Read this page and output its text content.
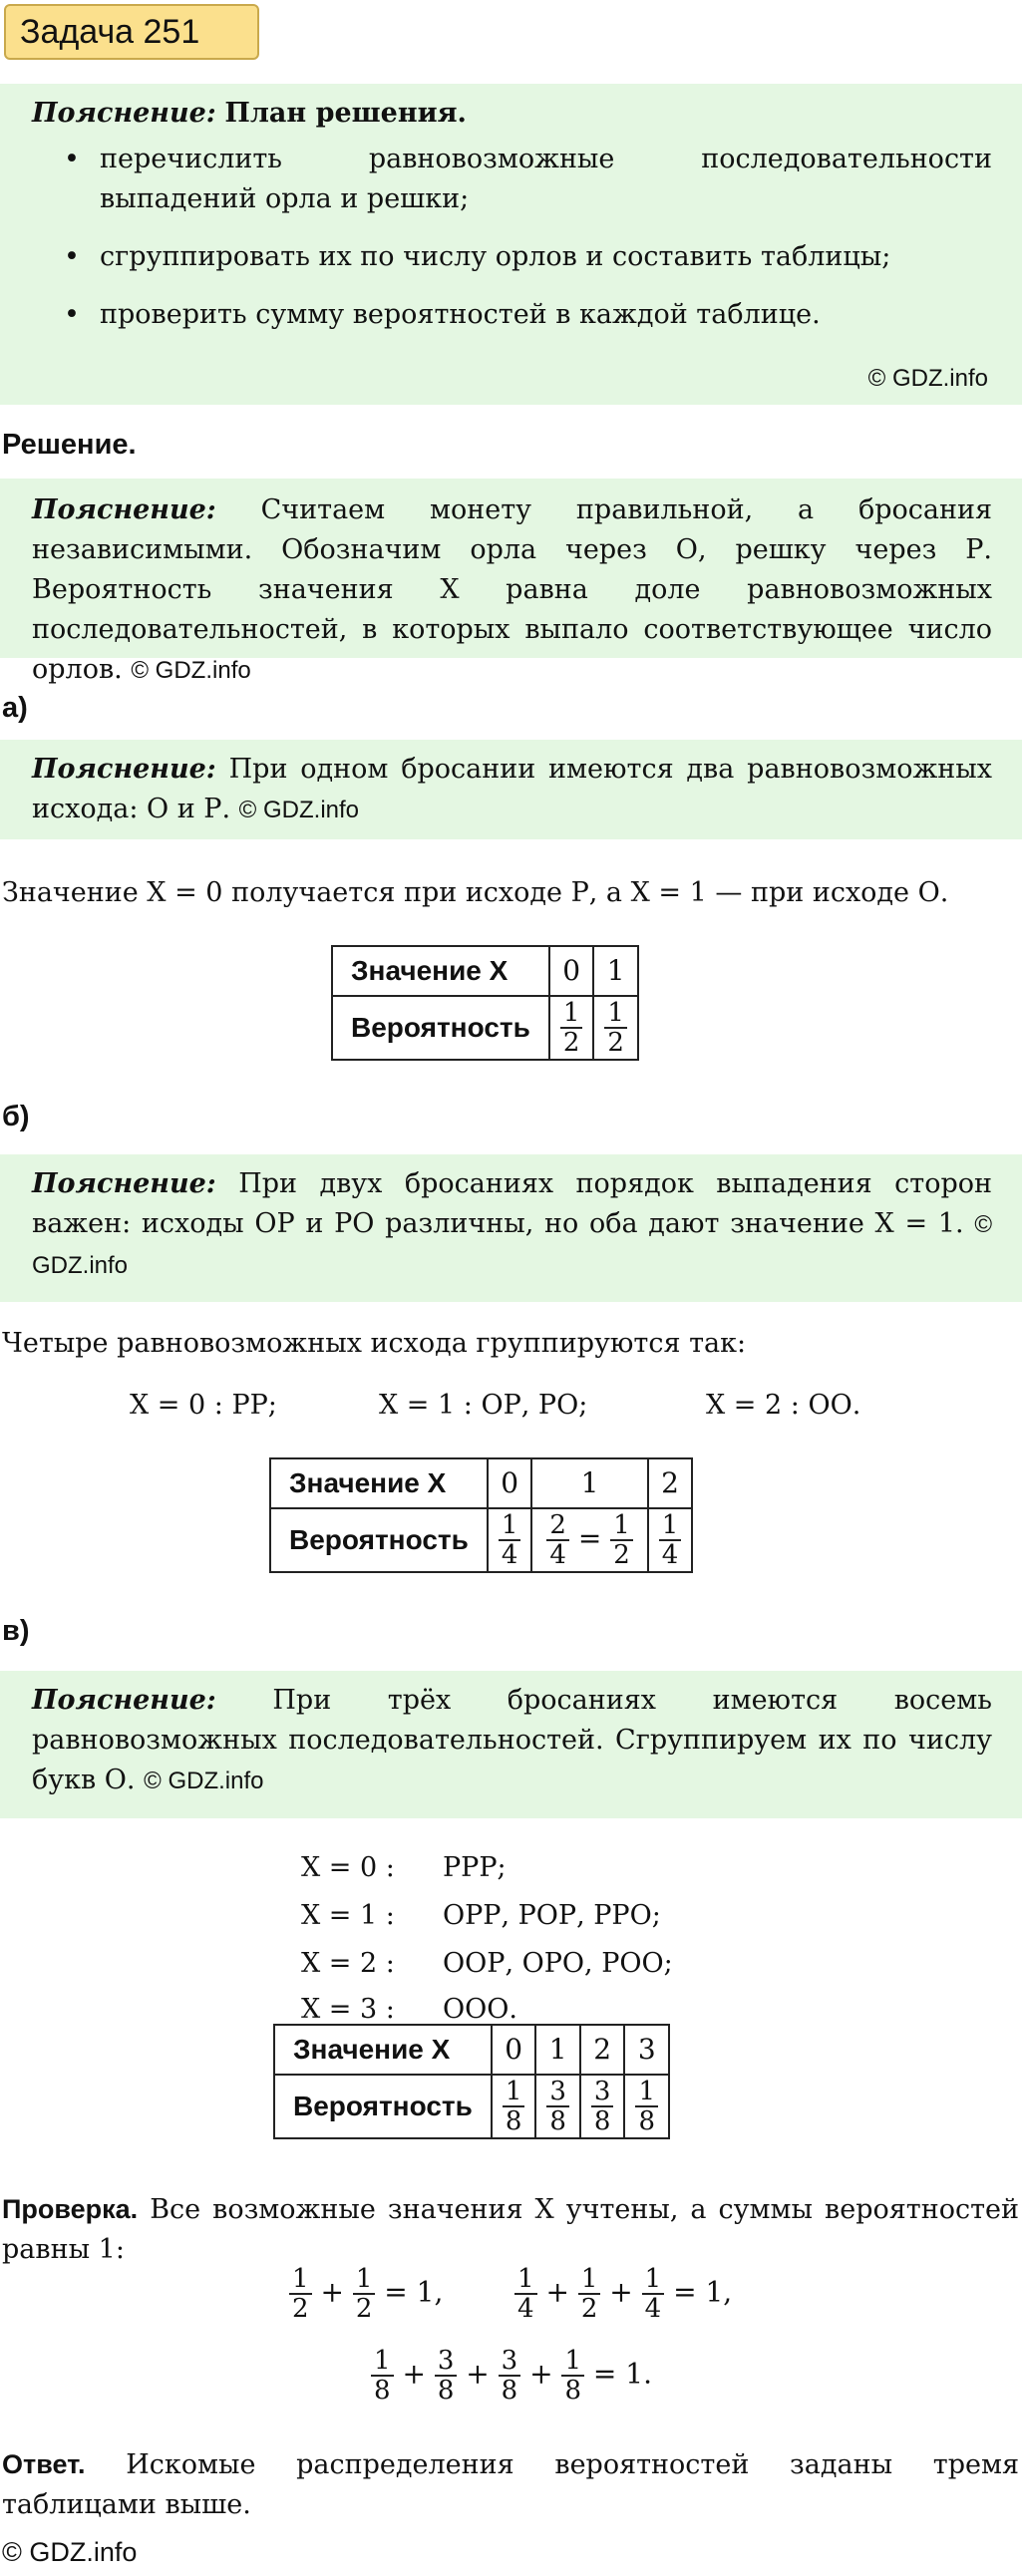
Задача 251
Пояснение: План решения.
• перечислить равновозможные последовательности выпадений орла и решки;
• сгруппировать их по числу орлов и составить таблицы;
• проверить сумму вероятностей в каждой таблице.
© GDZ.info
Решение.
Пояснение: Считаем монету правильной, а бросания независимыми. Обозначим орла через О, решку через Р. Вероятность значения X равна доле равновозможных последовательностей, в которых выпало соответствующее число орлов. © GDZ.info
а)
Пояснение: При одном бросании имеются два равновозможных исхода: О и Р. © GDZ.info
Значение X = 0 получается при исходе Р, а X = 1 — при исходе О.
Значение X	0	1
Вероятность	$\frac{1}{2}$	$\frac{1}{2}$
б)
Пояснение: При двух бросаниях порядок выпадения сторон важен: исходы ОР и РО различны, но оба дают значение X = 1. © GDZ.info
Четыре равновозможных исхода группируются так:
X = 0 : РР;	X = 1 : ОР, РО;	X = 2 : ОО.
Значение X	0	1	2
Вероятность	$\frac{1}{4}$	$\frac{2}{4} = \frac{1}{2}$	$\frac{1}{4}$
в)
Пояснение: При трёх бросаниях имеются восемь равновозможных последовательностей. Сгруппируем их по числу букв О. © GDZ.info
X = 0 : РРР;
X = 1 : ОРР, РОР, РРО;
X = 2 : ООР, ОРО, РОО;
X = 3 : ООО.
Значение X	0	1	2	3
Вероятность	$\frac{1}{8}$	$\frac{3}{8}$	$\frac{3}{8}$	$\frac{1}{8}$
Проверка. Все возможные значения X учтены, а суммы вероятностей равны 1:
$\frac{1}{2} + \frac{1}{2} = 1$,	$\frac{1}{4} + \frac{1}{2} + \frac{1}{4} = 1$,
$\frac{1}{8} + \frac{3}{8} + \frac{3}{8} + \frac{1}{8} = 1$.
Ответ. Искомые распределения вероятностей заданы тремя таблицами выше.
© GDZ.info
